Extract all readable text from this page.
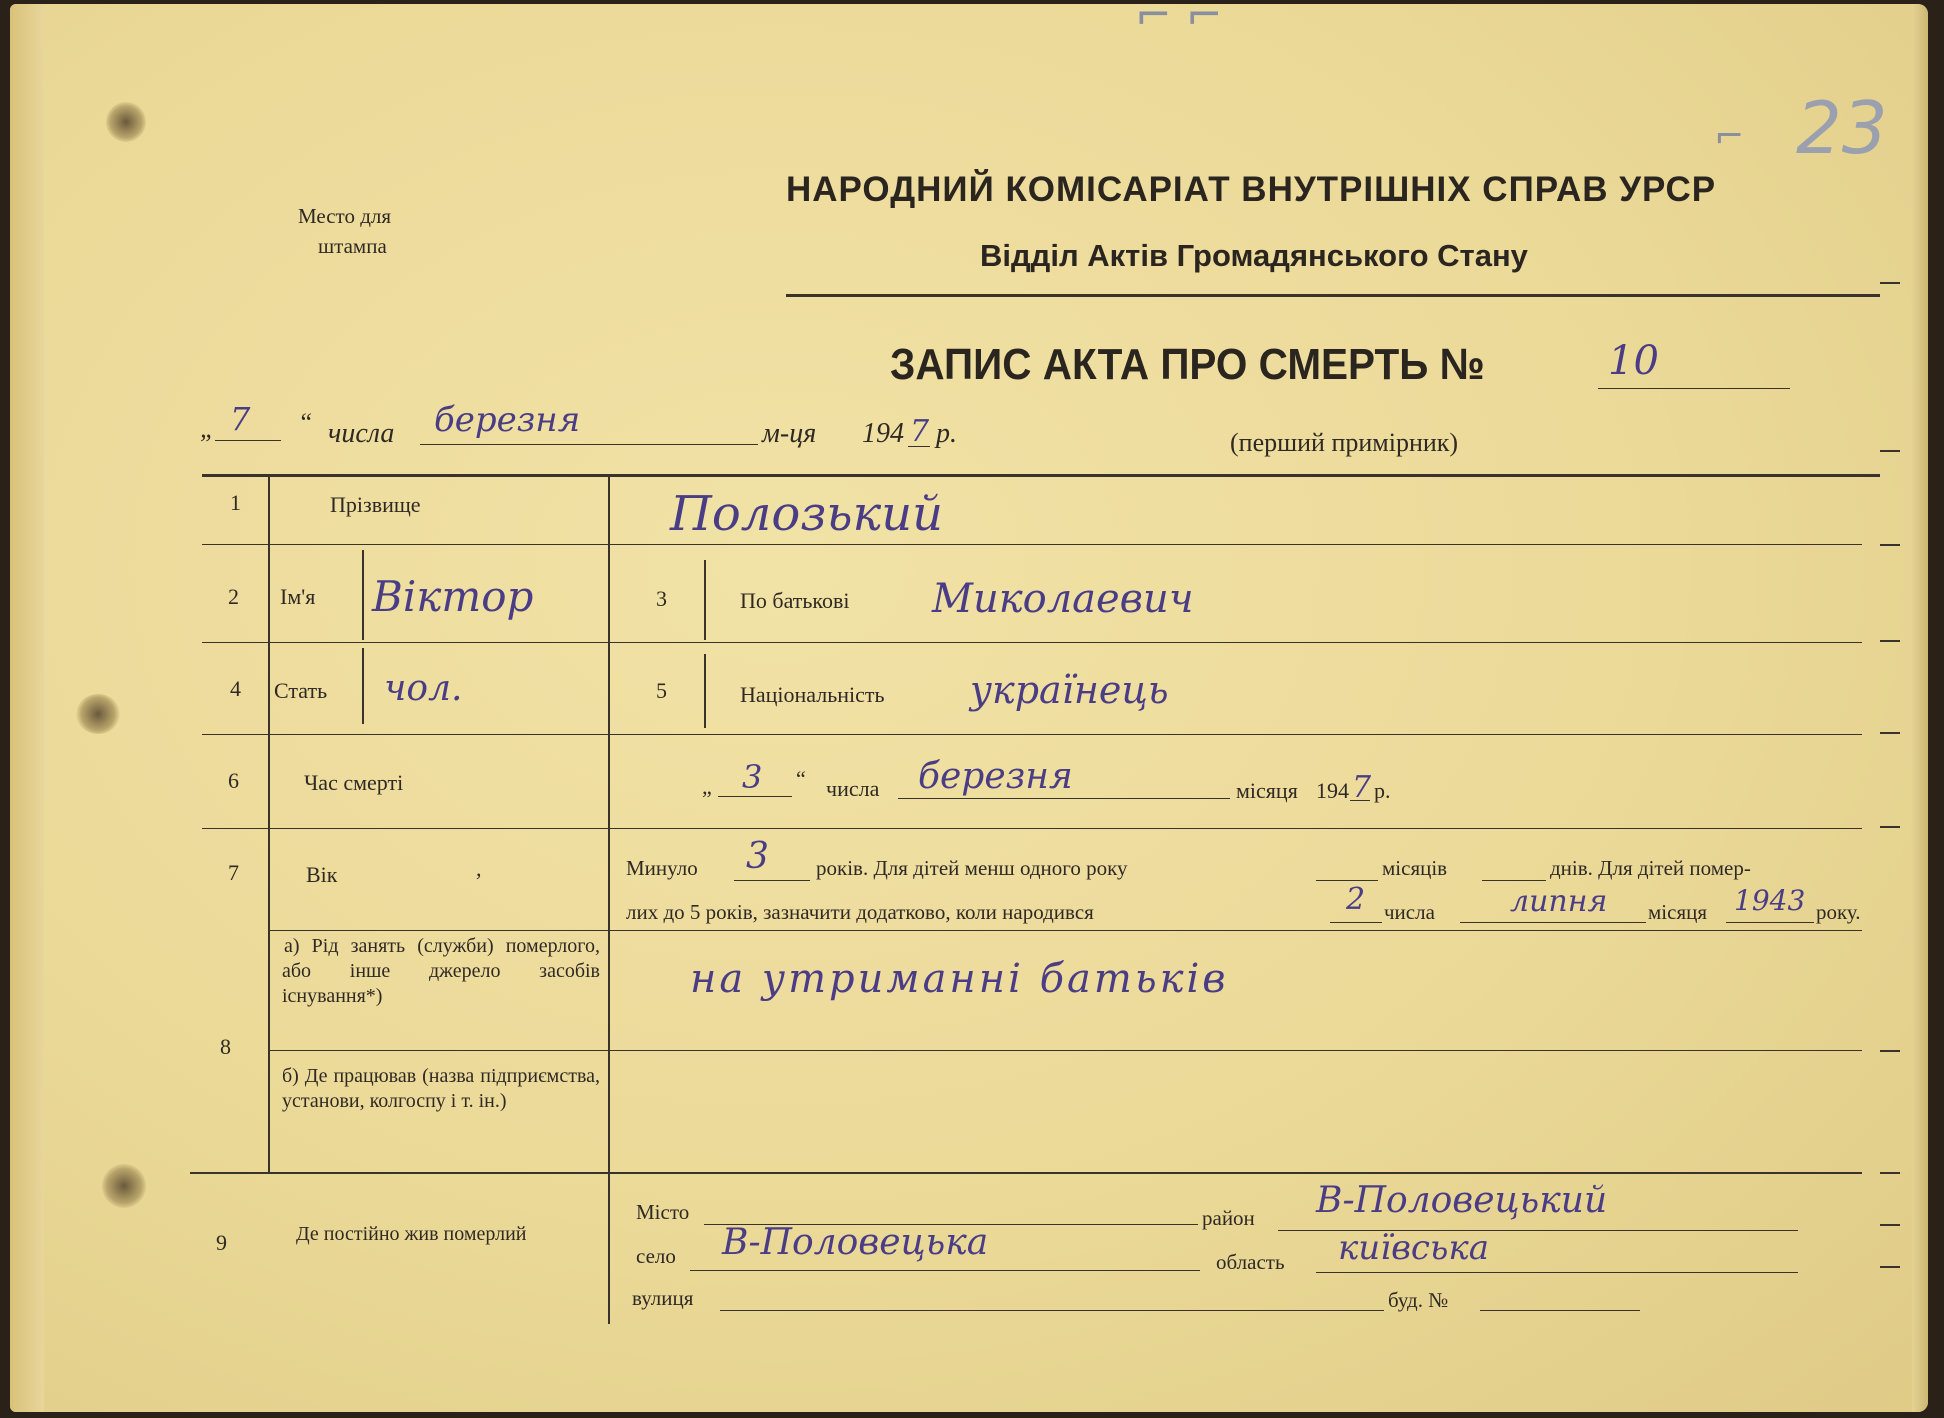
⌐ ⌐
23
⌐
Место для
штампа
НАРОДНИЙ КОМІСАРІАТ ВНУТРІШНІХ СПРАВ УРСР
Відділ Актів Громадянського Стану
ЗАПИС АКТА ПРО СМЕРТЬ №	10
„ 7 “ числа березня	м-ця 194 7 р.	(перший примірник)
1	Прізвище	Полозький
2 Ім'я Віктор	3	По батькові Миколаевич
4 Стать чол.	5	Національність українець
6	Час смерті	„ 3 “ числа березня	місяця 194 7 р.
7	Вік	,	Минуло 3 років. Для дітей менш одного року	місяців	днів. Для дітей помер-
лих до 5 років, зазначити додатково, коли народився	2 числа	липня місяця 1943 року.
8
а) Рід занять (служби) померлого, або інше джерело засобів існування*)	на утриманні батьків
б) Де працював (назва підприємства, установи, колгоспу і т. ін.)
9	Де постійно жив померлий
Місто	район В-Половецький
село В-Половецька	область київська
вулиця	буд. №
